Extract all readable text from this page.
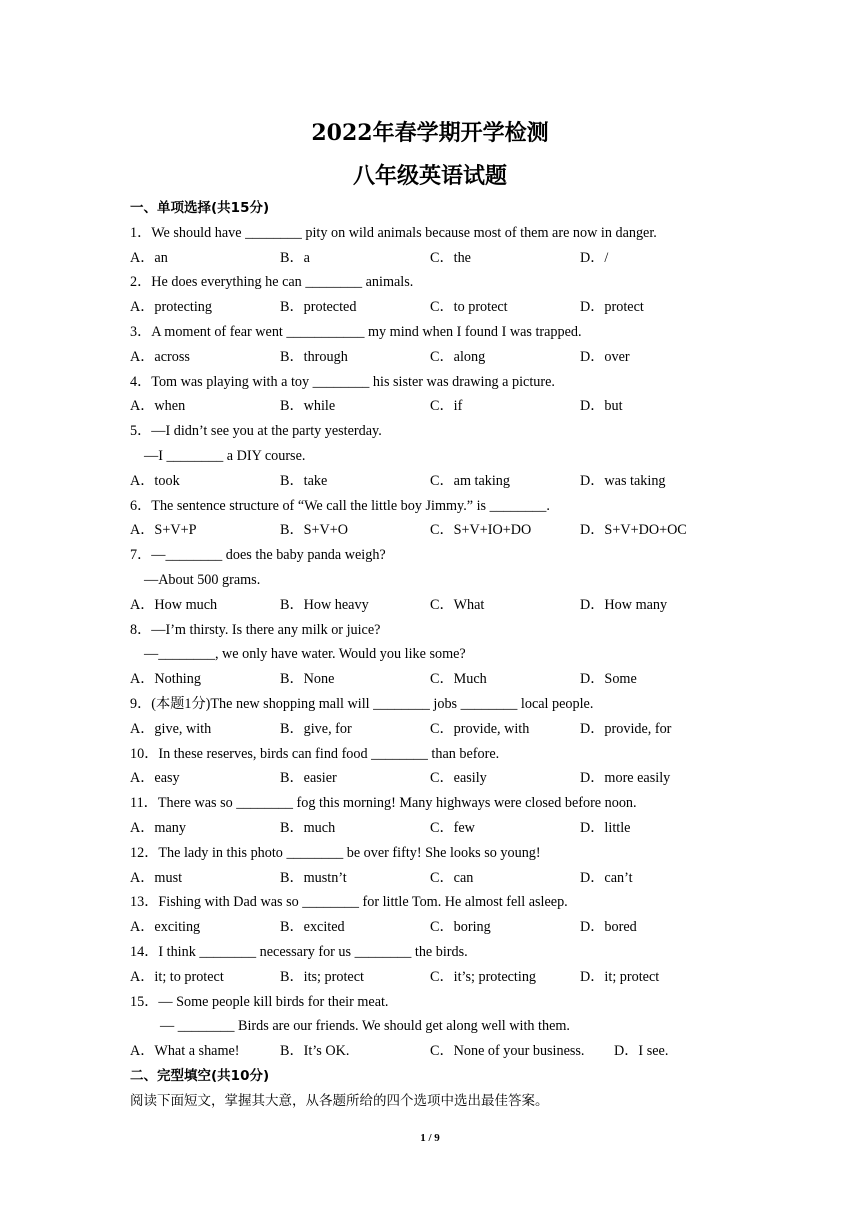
2022年春学期开学检测
八年级英语试题
一、单项选择(共15分)
1．We should have ________ pity on wild animals because most of them are now in danger.
A．an	B．a	C．the	D．/
2．He does everything he can ________ animals.
A．protecting	B．protected	C．to protect	D．protect
3．A moment of fear went ___________ my mind when I found I was trapped.
A．across	B．through	C．along	D．over
4．Tom was playing with a toy ________ his sister was drawing a picture.
A．when	B．while	C．if	D．but
5．—I didn’t see you at the party yesterday.
—I ________ a DIY course.
A．took	B．take	C．am taking	D．was taking
6．The sentence structure of “We call the little boy Jimmy.” is ________.
A．S+V+P	B．S+V+O	C．S+V+IO+DO	D．S+V+DO+OC
7．—________ does the baby panda weigh?
—About 500 grams.
A．How much	B．How heavy	C．What	D．How many
8．—I’m thirsty. Is there any milk or juice?
—________, we only have water. Would you like some?
A．Nothing	B．None	C．Much	D．Some
9．(本题1分)The new shopping mall will ________ jobs ________ local people.
A．give, with	B．give, for	C．provide, with	D．provide, for
10．In these reserves, birds can find food ________ than before.
A．easy	B．easier	C．easily	D．more easily
11．There was so ________ fog this morning! Many highways were closed before noon.
A．many	B．much	C．few	D．little
12．The lady in this photo ________ be over fifty! She looks so young!
A．must	B．mustn’t	C．can	D．can’t
13．Fishing with Dad was so ________ for little Tom. He almost fell asleep.
A．exciting	B．excited	C．boring	D．bored
14．I think ________ necessary for us ________ the birds.
A．it; to protect	B．its; protect	C．it’s; protecting	D．it; protect
15．— Some people kill birds for their meat.
— ________ Birds are our friends. We should get along well with them.
A．What a shame!	B．It’s OK.	C．None of your business. D．I see.
二、完型填空(共10分)
阅读下面短文，掌握其大意，从各题所给的四个选项中选出最佳答案。
1 / 9
